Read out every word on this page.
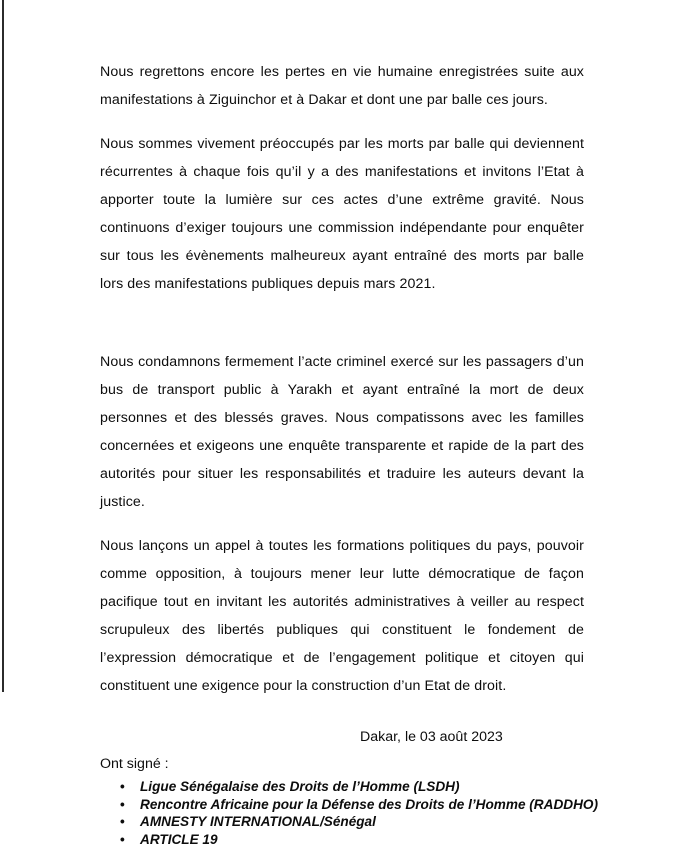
Nous regrettons encore les pertes en vie humaine enregistrées suite aux manifestations à Ziguinchor et à Dakar et dont une par balle ces jours.

Nous sommes vivement préoccupés par les morts par balle qui deviennent récurrentes à chaque fois qu’il y a des manifestations et invitons l’Etat à apporter toute la lumière sur ces actes d’une extrême gravité. Nous continuons d’exiger toujours une commission indépendante pour enquêter sur tous les évènements malheureux ayant entraîné des morts par balle lors des manifestations publiques depuis mars 2021.

Nous condamnons fermement l’acte criminel exercé sur les passagers d’un bus de transport public à Yarakh et ayant entraîné la mort de deux personnes et des blessés graves. Nous compatissons avec les familles concernées et exigeons une enquête transparente et rapide de la part des autorités pour situer les responsabilités et traduire les auteurs devant la justice.

Nous lançons un appel à toutes les formations politiques du pays, pouvoir comme opposition, à toujours mener leur lutte démocratique de façon pacifique tout en invitant les autorités administratives à veiller au respect scrupuleux des libertés publiques qui constituent le fondement de l’expression démocratique et de l’engagement politique et citoyen qui constituent une exigence pour la construction d’un Etat de droit.

Dakar, le 03 août 2023

Ont signé :

• Ligue Sénégalaise des Droits de l’Homme (LSDH)
• Rencontre Africaine pour la Défense des Droits de l’Homme (RADDHO)
• AMNESTY INTERNATIONAL/Sénégal
• ARTICLE 19
